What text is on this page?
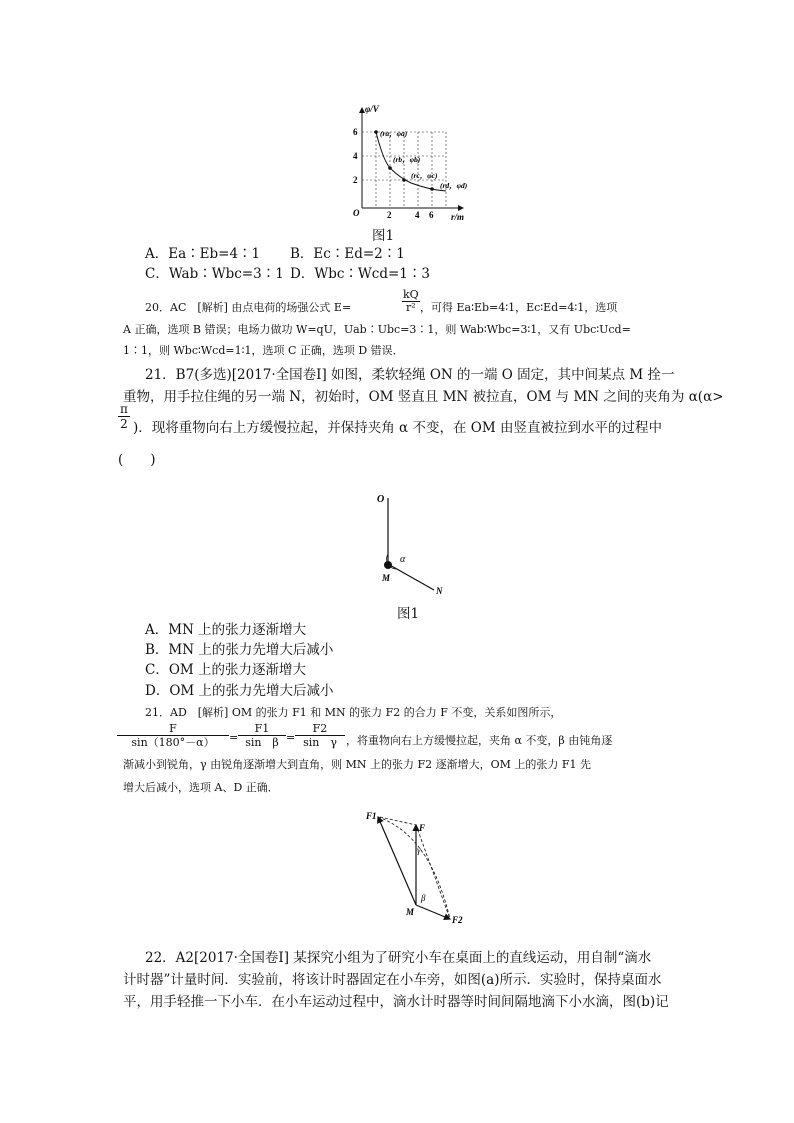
φ/V
r/m
O
6
4
2
2	4 6
(ra，φa)
(rb，φb)
(rc，φc)
(rd，φd)
图1
A．Ea∶Eb=4∶1 B．Ec∶Ed=2∶1
C．Wab∶Wbc=3∶1 D．Wbc∶Wcd=1∶3
20．AC　[解析] 由点电荷的场强公式 E=	$\frac{kQ}{\text{r²}}$ ，可得 Ea∶Eb=4∶1，Ec∶Ed=4∶1，选项
A 正确，选项 B 错误；电场力做功 W=qU，Uab∶Ubc=3∶1，则 Wab∶Wbc=3∶1，又有 Ubc∶Ucd=
1∶1，则 Wbc∶Wcd=1∶1，选项 C 正确，选项 D 错误．
21．B7(多选)[2017·全国卷Ⅰ] 如图，柔软轻绳 ON 的一端 O 固定，其中间某点 M 拴一
重物，用手拉住绳的另一端 N，初始时，OM 竖直且 MN 被拉直，OM 与 MN 之间的夹角为 α(α>
$\frac{\pi}{2}$ )．现将重物向右上方缓慢拉起，并保持夹角 α 不变，在 OM 由竖直被拉到水平的过程中
(　　)
O
α
M
N
图1
A．MN 上的张力逐渐增大
B．MN 上的张力先增大后减小
C．OM 上的张力逐渐增大
D．OM 上的张力先增大后减小
21．AD　[解析] OM 的张力 F1 和 MN 的张力 F2 的合力 F 不变，关系如图所示，
$\frac{F}{\sin(180^\circ-\alpha)} = \frac{F1}{\text{sin　β}} = \frac{F2}{\text{sin　γ}}$ ，将重物向右上方缓慢拉起，夹角 α 不变，β 由钝角逐
渐减小到锐角，γ 由锐角逐渐增大到直角，则 MN 上的张力 F2 逐渐增大，OM 上的张力 F1 先
增大后减小，选项 A、D 正确．
F1
F
γ
β
M
F2
22．A2[2017·全国卷Ⅰ] 某探究小组为了研究小车在桌面上的直线运动，用自制“滴水
计时器”计量时间．实验前，将该计时器固定在小车旁，如图(a)所示．实验时，保持桌面水
平，用手轻推一下小车．在小车运动过程中，滴水计时器等时间间隔地滴下小水滴，图(b)记
